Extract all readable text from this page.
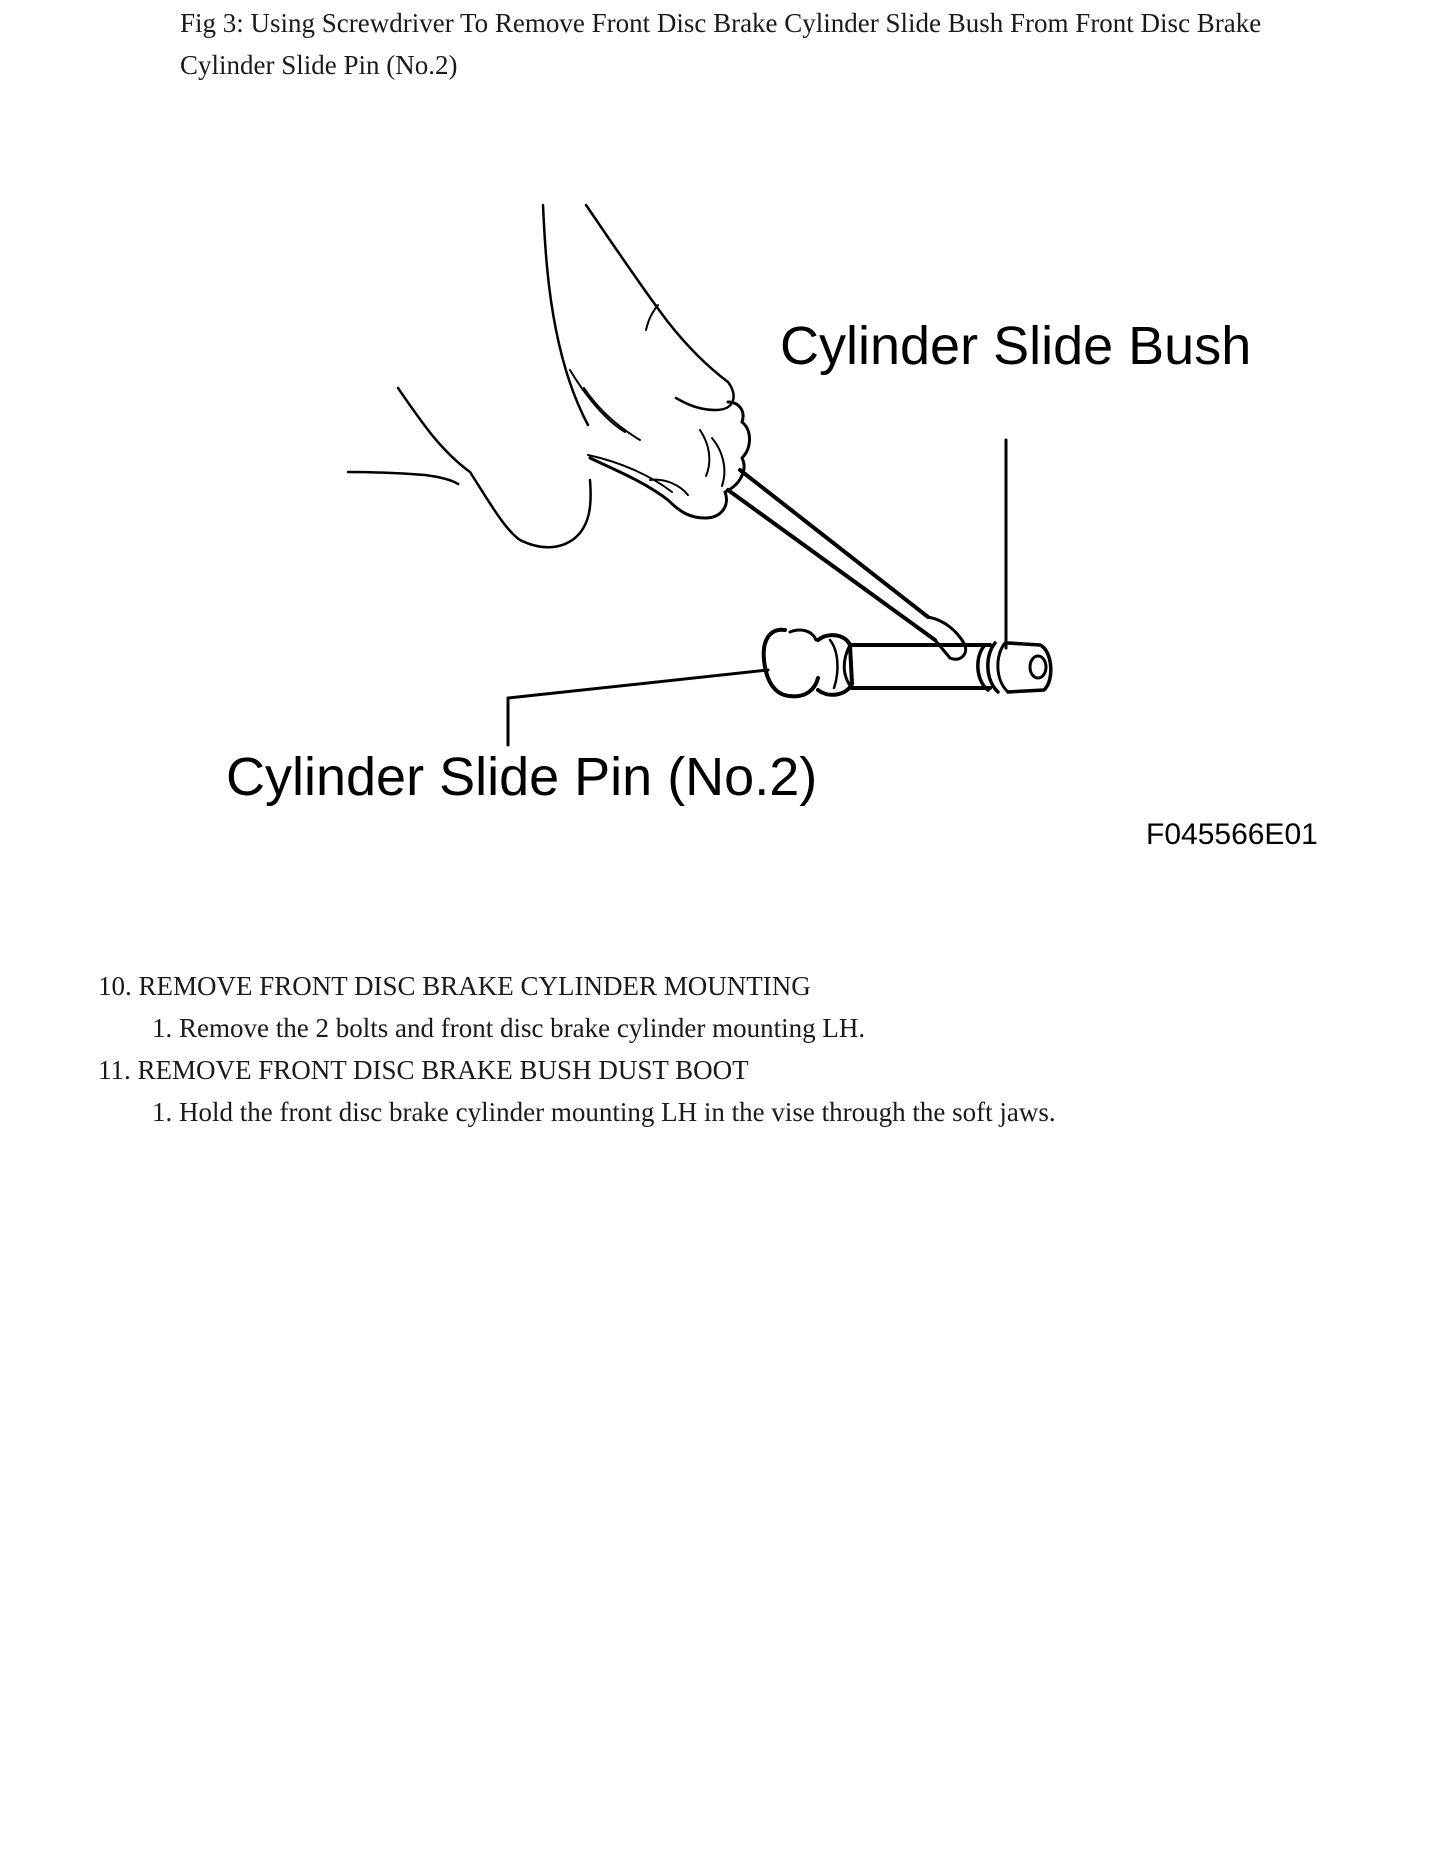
Fig 3: Using Screwdriver To Remove Front Disc Brake Cylinder Slide Bush From Front Disc Brake Cylinder Slide Pin (No.2)
Cylinder Slide Bush
Cylinder Slide Pin (No.2)
F045566E01
10. REMOVE FRONT DISC BRAKE CYLINDER MOUNTING
1. Remove the 2 bolts and front disc brake cylinder mounting LH.
11. REMOVE FRONT DISC BRAKE BUSH DUST BOOT
1. Hold the front disc brake cylinder mounting LH in the vise through the soft jaws.
